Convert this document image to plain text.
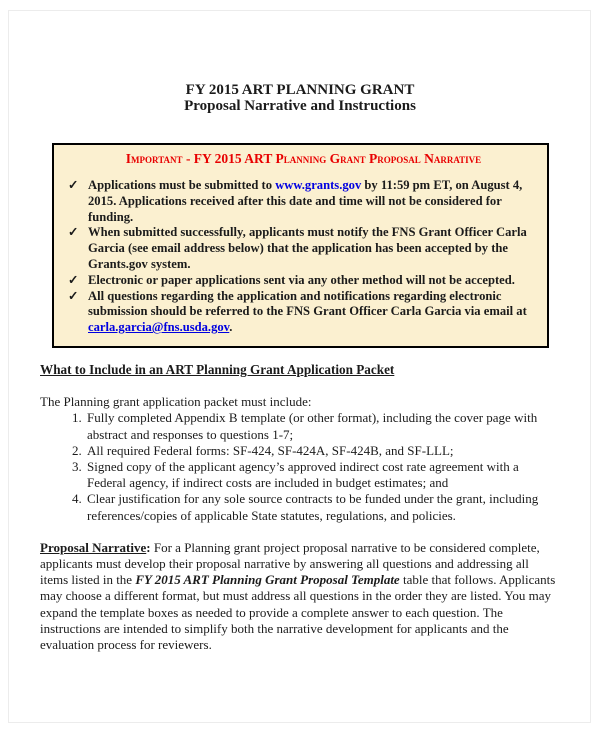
FY 2015 ART PLANNING GRANT
Proposal Narrative and Instructions
Important - FY 2015 ART Planning Grant Proposal Narrative
✓ Applications must be submitted to www.grants.gov by 11:59 pm ET, on August 4, 2015. Applications received after this date and time will not be considered for funding.
✓ When submitted successfully, applicants must notify the FNS Grant Officer Carla Garcia (see email address below) that the application has been accepted by the Grants.gov system.
✓ Electronic or paper applications sent via any other method will not be accepted.
✓ All questions regarding the application and notifications regarding electronic submission should be referred to the FNS Grant Officer Carla Garcia via email at carla.garcia@fns.usda.gov.
What to Include in an ART Planning Grant Application Packet

The Planning grant application packet must include:

1. Fully completed Appendix B template (or other format), including the cover page with abstract and responses to questions 1-7;
2. All required Federal forms: SF-424, SF-424A, SF-424B, and SF-LLL;
3. Signed copy of the applicant agency’s approved indirect cost rate agreement with a Federal agency, if indirect costs are included in budget estimates; and
4. Clear justification for any sole source contracts to be funded under the grant, including references/copies of applicable State statutes, regulations, and policies.

Proposal Narrative: For a Planning grant project proposal narrative to be considered complete, applicants must develop their proposal narrative by answering all questions and addressing all items listed in the FY 2015 ART Planning Grant Proposal Template table that follows. Applicants may choose a different format, but must address all questions in the order they are listed. You may expand the template boxes as needed to provide a complete answer to each question. The instructions are intended to simplify both the narrative development for applicants and the evaluation process for reviewers.
